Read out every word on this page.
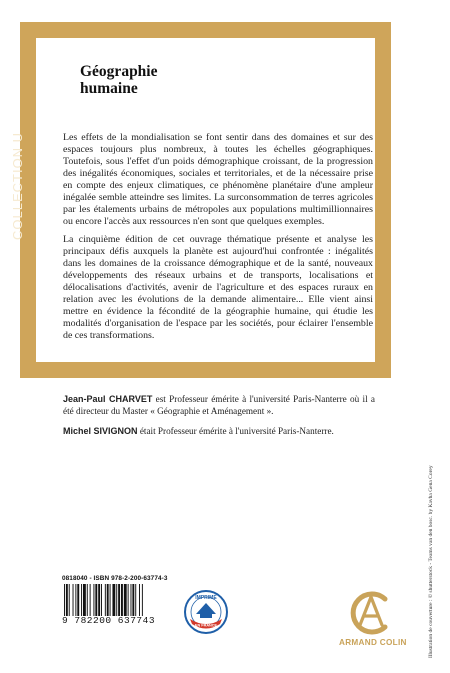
Géographie
humaine
COLLECTION U	Les effets de la mondialisation se font sentir dans des domaines et sur des espaces toujours plus nombreux, à toutes les échelles géographiques. Toutefois, sous l'effet d'un poids démographique croissant, de la progression des inégalités économiques, sociales et territoriales, et de la nécessaire prise en compte des enjeux climatiques, ce phénomène planétaire d'une ampleur inégalée semble atteindre ses limites. La surconsommation de terres agricoles par les étalements urbains de métropoles aux populations multimillionnaires ou encore l'accès aux ressources n'en sont que quelques exemples.

La cinquième édition de cet ouvrage thématique présente et analyse les principaux défis auxquels la planète est aujourd'hui confrontée : inégalités dans les domaines de la croissance démographique et de la santé, nouveaux développements des réseaux urbains et de transports, localisations et délocalisations d'activités, avenir de l'agriculture et des espaces ruraux en relation avec les évolutions de la demande alimentaire... Elle vient ainsi mettre en évidence la fécondité de la géographie humaine, qui étudie les modalités d'organisation de l'espace par les sociétés, pour éclairer l'ensemble de ces transformations.

Jean-Paul CHARVET est Professeur émérite à l'université Paris-Nanterre où il a été directeur du Master « Géographie et Aménagement ».

Michel SIVIGNON était Professeur émérite à l'université Paris-Nanterre.

Illustration de couverture : © shutterstock - Teams van den bosc. by Kavha Gena Corey
0818040 - ISBN 978-2-200-63774-3
9 782200 637743
IMPRIMÉ
EN FRANCE
ARMAND COLIN
